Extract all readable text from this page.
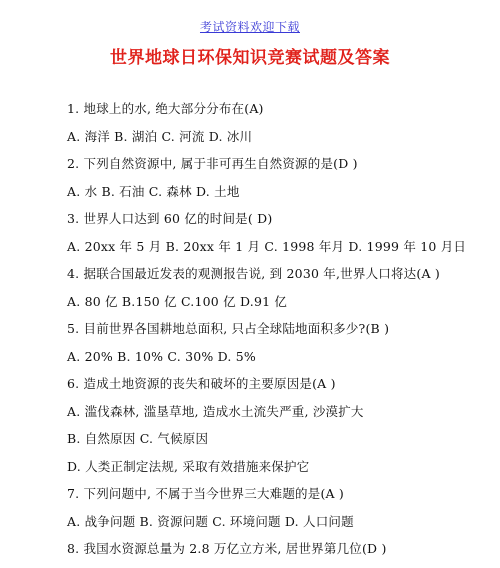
考试资料欢迎下载
世界地球日环保知识竞赛试题及答案
1. 地球上的水, 绝大部分分布在(A)
A. 海洋 B. 湖泊 C. 河流 D. 冰川
2. 下列自然资源中, 属于非可再生自然资源的是(D )
A. 水 B. 石油 C. 森林 D. 土地
3. 世界人口达到 60 亿的时间是( D)
A. 20xx 年 5 月 B. 20xx 年 1 月 C. 1998 年月 D. 1999 年 10 月日
4. 据联合国最近发表的观测报告说, 到 2030 年,世界人口将达(A )
A. 80 亿 B.150 亿 C.100 亿 D.91 亿
5. 目前世界各国耕地总面积, 只占全球陆地面积多少?(B )
A. 20% B. 10% C. 30% D. 5%
6. 造成土地资源的丧失和破坏的主要原因是(A )
A. 滥伐森林, 滥垦草地, 造成水土流失严重, 沙漠扩大
B. 自然原因 C. 气候原因
D. 人类正制定法规, 采取有效措施来保护它
7. 下列问题中, 不属于当今世界三大难题的是(A )
A. 战争问题 B. 资源问题 C. 环境问题 D. 人口问题
8. 我国水资源总量为 2.8 万亿立方米, 居世界第几位(D )
